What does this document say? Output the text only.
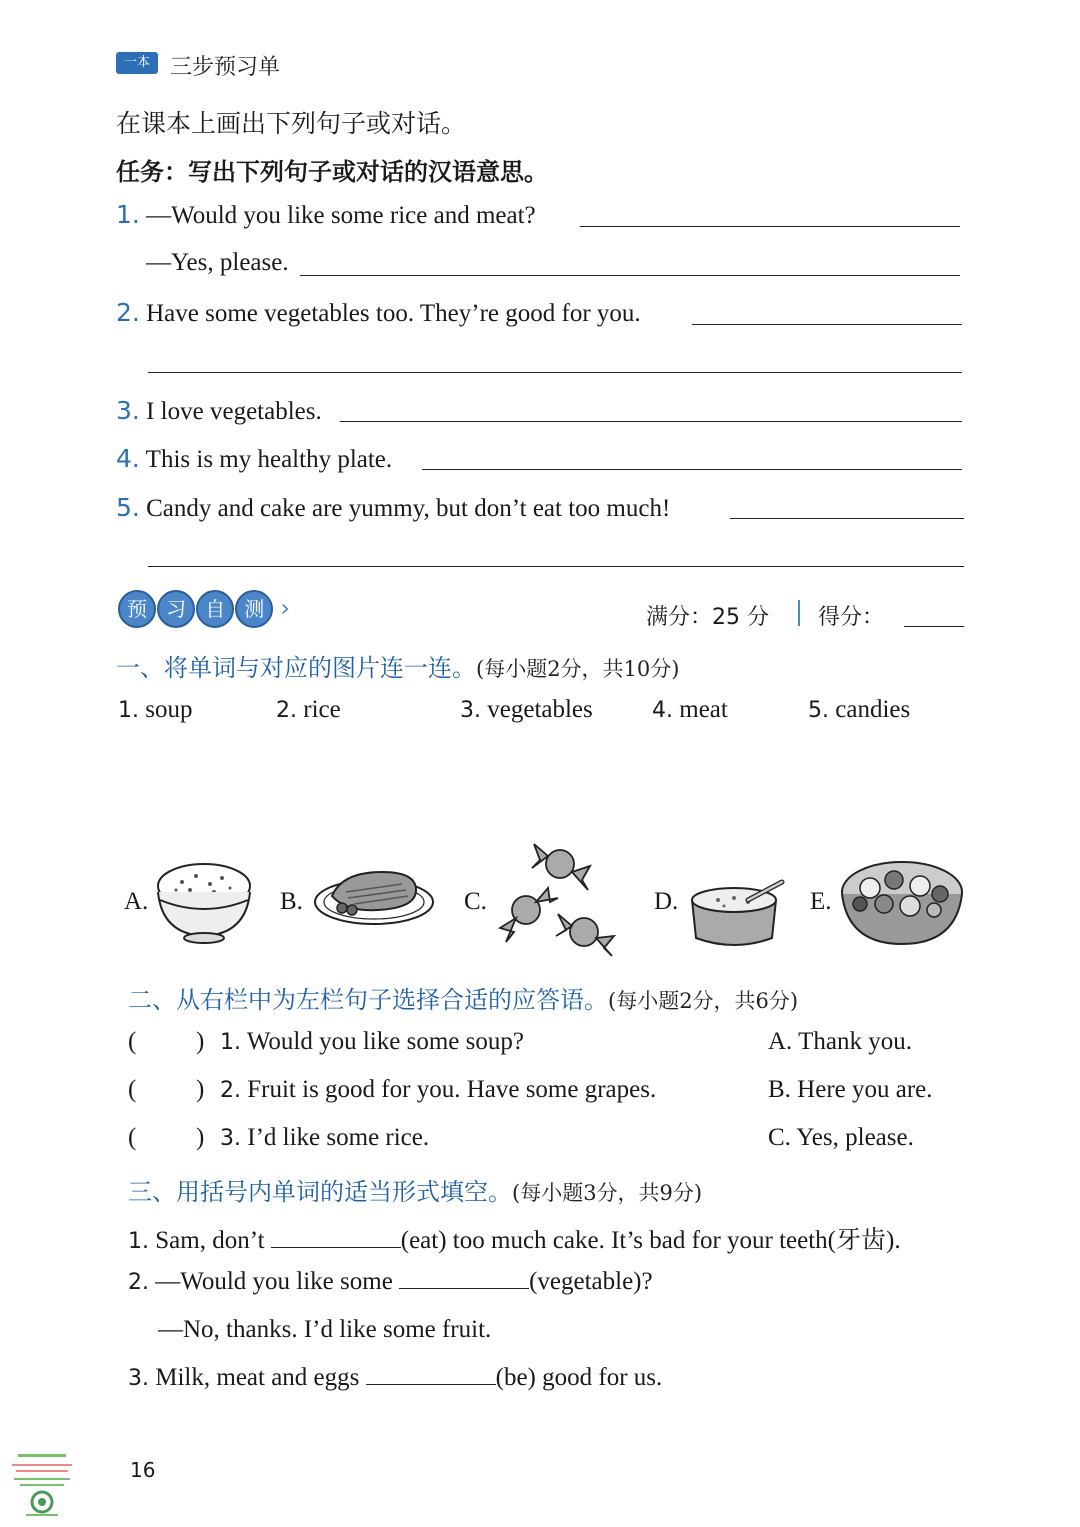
一本 三步预习单
在课本上画出下列句子或对话。
任务：写出下列句子或对话的汉语意思。
1. —Would you like some rice and meat?
—Yes, please.
2. Have some vegetables too. They’re good for you.
3. I love vegetables.
4. This is my healthy plate.
5. Candy and cake are yummy, but don’t eat too much!
预 习 自 测 ›	满分：25 分 得分：
一、将单词与对应的图片连一连。(每小题2分，共10分)
1. soup	2. rice	3. vegetables	4. meat	5. candies
A.	B.	C.	D.	E.
二、从右栏中为左栏句子选择合适的应答语。(每小题2分，共6分)
( ) 1. Would you like some soup?	A. Thank you.
( ) 2. Fruit is good for you. Have some grapes.	B. Here you are.
( ) 3. I’d like some rice.	C. Yes, please.
三、用括号内单词的适当形式填空。(每小题3分，共9分)
1. Sam, don’t	(eat) too much cake. It’s bad for your teeth(牙齿).
2. —Would you like some	(vegetable)?
—No, thanks. I’d like some fruit.
3. Milk, meat and eggs	(be) good for us.
16
